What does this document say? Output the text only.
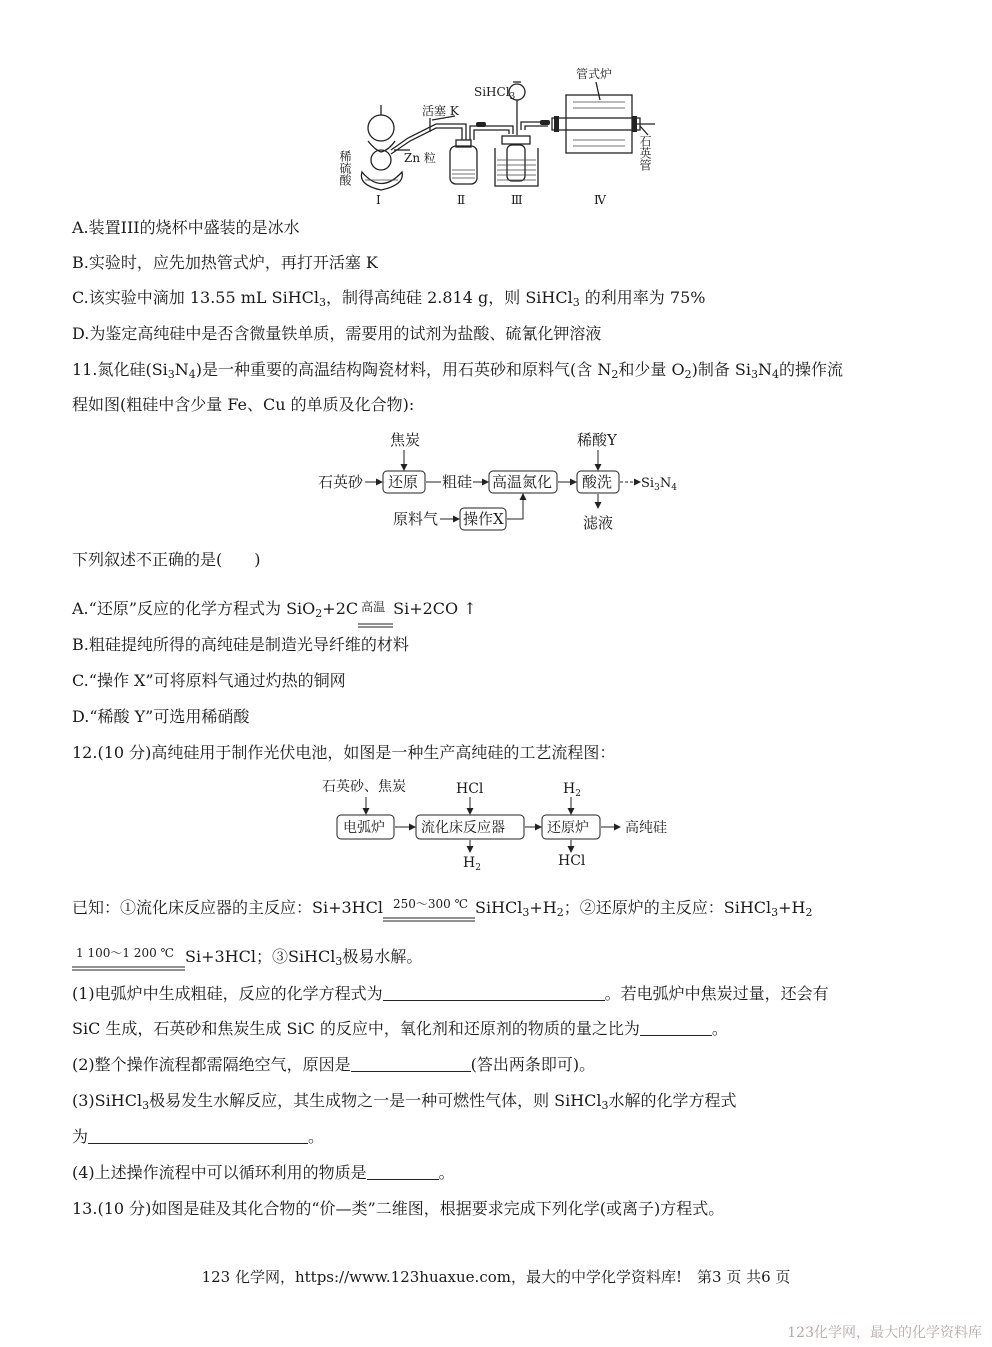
活塞 K
SiHCl$_3$
管式炉
石英管
稀硫酸	Zn 粒
Ⅰ	Ⅱ	Ⅲ	Ⅳ
A.装置III的烧杯中盛装的是冰水
B.实验时，应先加热管式炉，再打开活塞 K
C.该实验中滴加 13.55 mL SiHCl$_3$，制得高纯硅 2.814 g，则 SiHCl$_3$ 的利用率为 75%
D.为鉴定高纯硅中是否含微量铁单质，需要用的试剂为盐酸、硫氰化钾溶液
11.氮化硅$(Si_3N_4)$是一种重要的高温结构陶瓷材料，用石英砂和原料气(含 $N_2$和少量 $O_2$)制备 $Si_3N_4$的操作流
程如图(粗硅中含少量 Fe、Cu 的单质及化合物):
焦炭	稀酸Y
石英砂 还原 粗硅 高温氮化 酸洗 $Si_3N_4$
原料气 操作X	滤液
下列叙述不正确的是(　　)
A.“还原”反应的化学方程式为 SiO$_2$+2C 高温 Si+2CO ↑
B.粗硅提纯所得的高纯硅是制造光导纤维的材料
C.“操作 X”可将原料气通过灼热的铜网
D.“稀酸 Y”可选用稀硝酸
12.(10 分)高纯硅用于制作光伏电池，如图是一种生产高纯硅的工艺流程图：
石英砂、焦炭	HCl	$H_2$
电弧炉	流化床反应器	还原炉	高纯硅
$H_2$	HCl
已知：①流化床反应器的主反应：Si+3HCl 250～300 ℃ $SiHCl_3+H_2$；②还原炉的主反应：$SiHCl_3+H_2$
1 100～1 200 ℃ Si+3HCl；③SiHCl$_3$极易水解。
(1)电弧炉中生成粗硅，反应的化学方程式为	。若电弧炉中焦炭过量，还会有
SiC 生成，石英砂和焦炭生成 SiC 的反应中，氧化剂和还原剂的物质的量之比为	。
(2)整个操作流程都需隔绝空气，原因是	(答出两条即可)。
(3)SiHCl$_3$极易发生水解反应，其生成物之一是一种可燃性气体，则 SiHCl$_3$水解的化学方程式
为	。
(4)上述操作流程中可以循环利用的物质是	。
13.(10 分)如图是硅及其化合物的“价—类”二维图，根据要求完成下列化学(或离子)方程式。
123 化学网，https://www.123huaxue.com，最大的中学化学资料库!　第3 页 共6 页
123化学网，最大的化学资料库
